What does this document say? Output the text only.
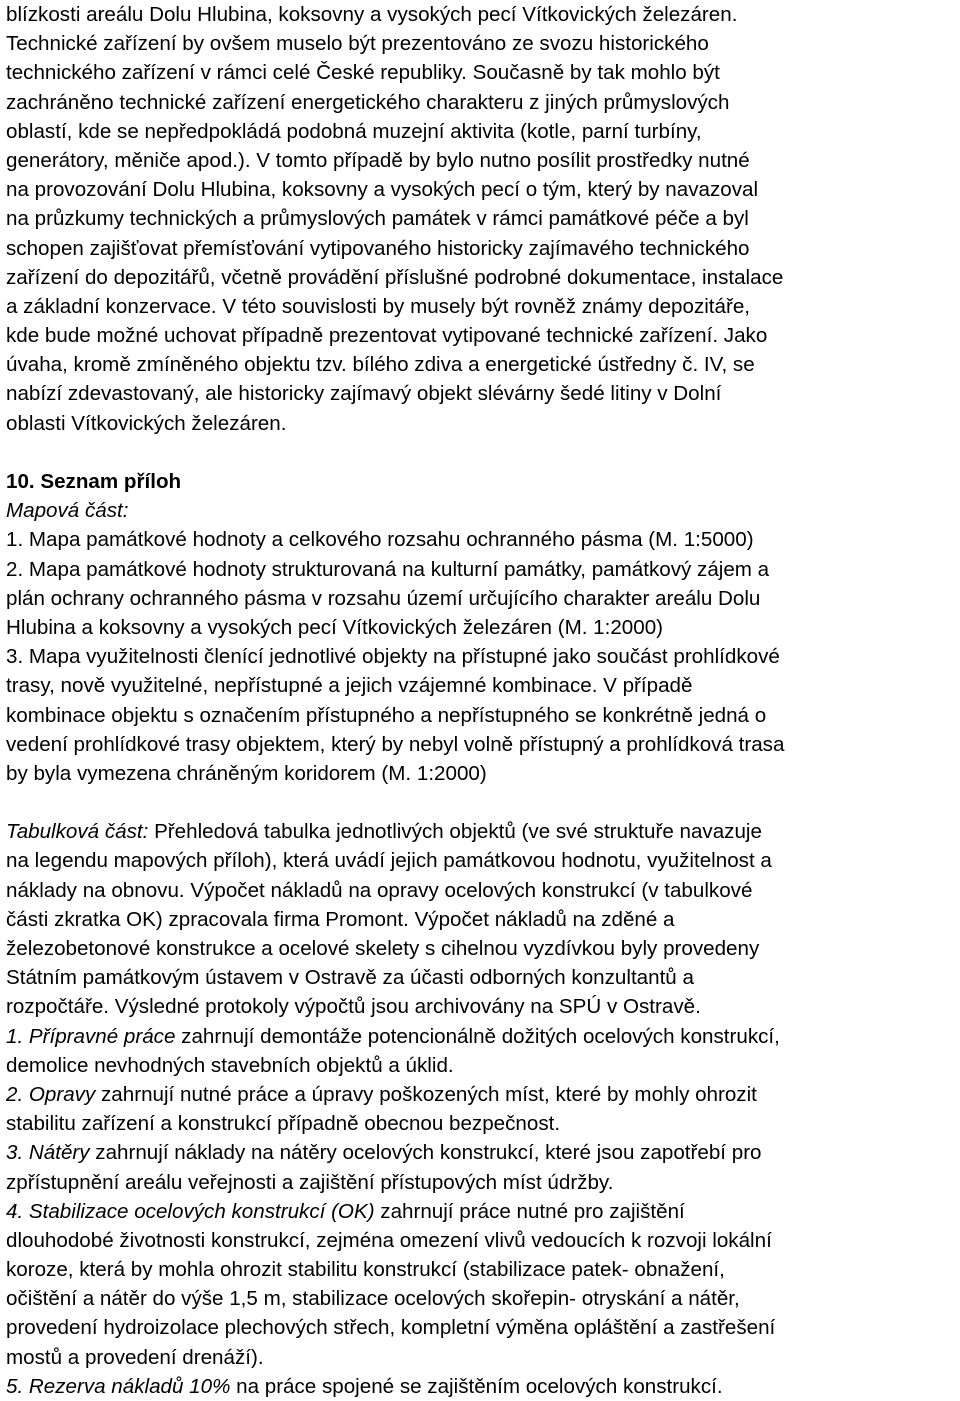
blízkosti areálu Dolu Hlubina, koksovny a vysokých pecí Vítkovických železáren.
Technické zařízení by ovšem muselo být prezentováno ze svozu historického
technického zařízení v rámci celé České republiky. Současně by tak mohlo být
zachráněno technické zařízení energetického charakteru z jiných průmyslových
oblastí, kde se nepředpokládá podobná muzejní aktivita (kotle, parní turbíny,
generátory, měniče apod.). V tomto případě by bylo nutno posílit prostředky nutné
na provozování Dolu Hlubina, koksovny a vysokých pecí o tým, který by navazoval
na průzkumy technických a průmyslových památek v rámci památkové péče a byl
schopen zajišťovat přemísťování vytipovaného historicky zajímavého technického
zařízení do depozitářů, včetně provádění příslušné podrobné dokumentace, instalace
a základní konzervace. V této souvislosti by musely být rovněž známy depozitáře,
kde bude možné uchovat případně prezentovat vytipované technické zařízení. Jako
úvaha, kromě zmíněného objektu tzv. bílého zdiva a energetické ústředny č. IV, se
nabízí zdevastovaný, ale historicky zajímavý objekt slévárny šedé litiny v Dolní
oblasti Vítkovických železáren.
10. Seznam příloh
Mapová část:
1. Mapa památkové hodnoty a celkového rozsahu ochranného pásma (M. 1:5000)
2. Mapa památkové hodnoty strukturovaná na kulturní památky, památkový zájem a
plán ochrany ochranného pásma v rozsahu území určujícího charakter areálu Dolu
Hlubina a koksovny a vysokých pecí Vítkovických železáren (M. 1:2000)
3. Mapa využitelnosti členící jednotlivé objekty na přístupné jako součást prohlídkové
trasy, nově využitelné, nepřístupné a jejich vzájemné kombinace. V případě
kombinace objektu s označením přístupného a nepřístupného se konkrétně jedná o
vedení prohlídkové trasy objektem, který by nebyl volně přístupný a prohlídková trasa
by byla vymezena chráněným koridorem (M. 1:2000)
Tabulková část: Přehledová tabulka jednotlivých objektů (ve své struktuře navazuje
na legendu mapových příloh), která uvádí jejich památkovou hodnotu, využitelnost a
náklady na obnovu. Výpočet nákladů na opravy ocelových konstrukcí (v tabulkové
části zkratka OK) zpracovala firma Promont. Výpočet nákladů na zděné a
železobetonové konstrukce a ocelové skelety s cihelnou vyzdívkou byly provedeny
Státním památkovým ústavem v Ostravě za účasti odborných konzultantů a
rozpočtáře. Výsledné protokoly výpočtů jsou archivovány na SPÚ v Ostravě.
1. Přípravné práce zahrnují demontáže potencionálně dožitých ocelových konstrukcí,
demolice nevhodných stavebních objektů a úklid.
2. Opravy zahrnují nutné práce a úpravy poškozených míst, které by mohly ohrozit
stabilitu zařízení a konstrukcí případně obecnou bezpečnost.
3. Nátěry zahrnují náklady na nátěry ocelových konstrukcí, které jsou zapotřebí pro
zpřístupnění areálu veřejnosti a zajištění přístupových míst údržby.
4. Stabilizace ocelových konstrukcí (OK) zahrnují práce nutné pro zajištění
dlouhodobé životnosti konstrukcí, zejména omezení vlivů vedoucích k rozvoji lokální
koroze, která by mohla ohrozit stabilitu konstrukcí (stabilizace patek- obnažení,
očištění a nátěr do výše 1,5 m, stabilizace ocelových skořepin- otryskání a nátěr,
provedení hydroizolace plechových střech, kompletní výměna opláštění a zastřešení
mostů a provedení drenáží).
5. Rezerva nákladů 10% na práce spojené se zajištěním ocelových konstrukcí.
